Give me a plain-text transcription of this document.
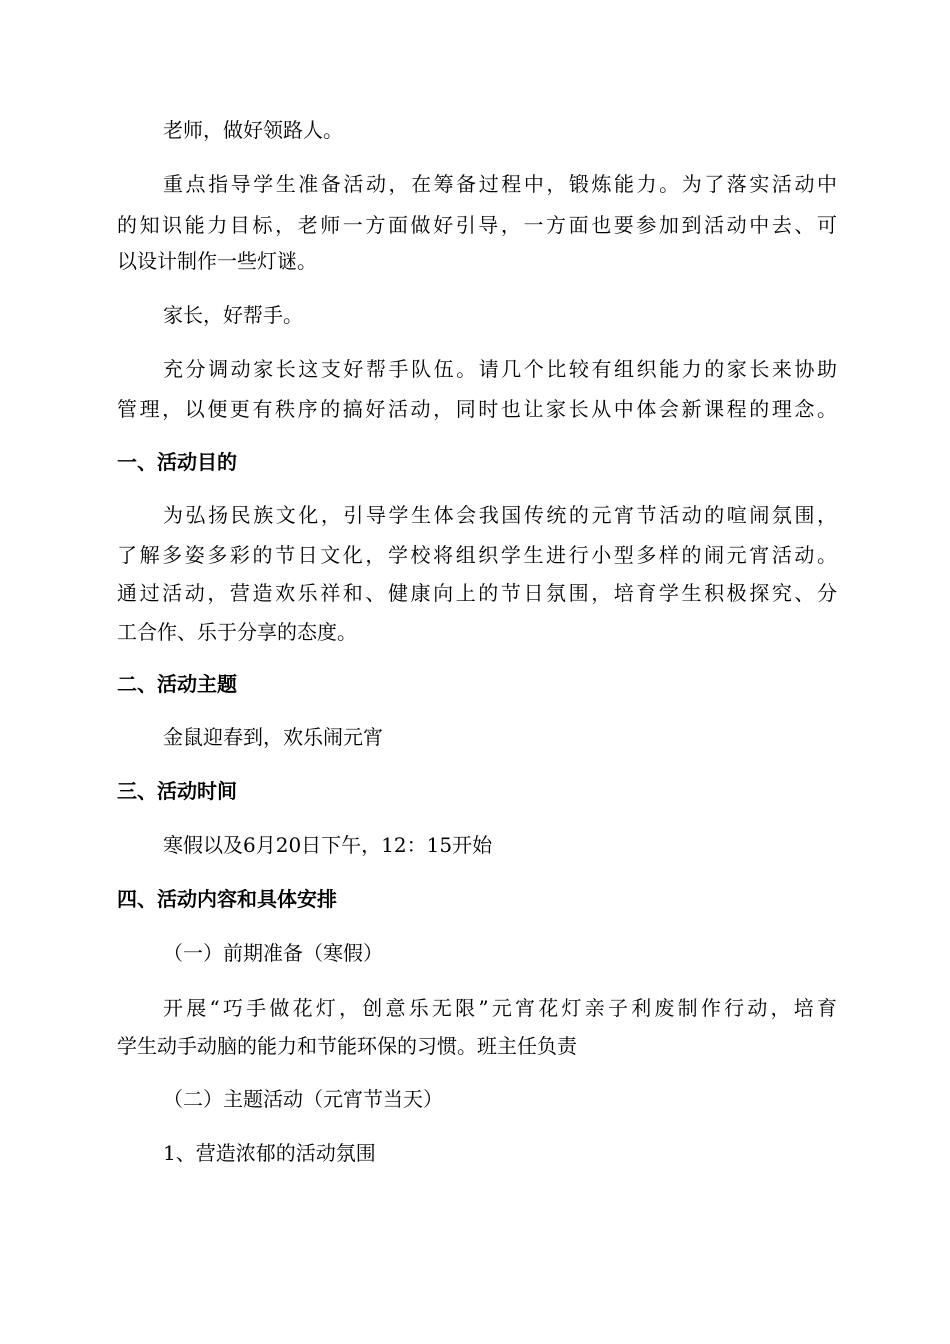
老师，做好领路人。
重点指导学生准备活动，在筹备过程中，锻炼能力。为了落实活动中
的知识能力目标，老师一方面做好引导，一方面也要参加到活动中去、可
以设计制作一些灯谜。
家长，好帮手。
充分调动家长这支好帮手队伍。请几个比较有组织能力的家长来协助
管理，以便更有秩序的搞好活动，同时也让家长从中体会新课程的理念。
一、活动目的
为弘扬民族文化，引导学生体会我国传统的元宵节活动的喧闹氛围，
了解多姿多彩的节日文化，学校将组织学生进行小型多样的闹元宵活动。
通过活动，营造欢乐祥和、健康向上的节日氛围，培育学生积极探究、分
工合作、乐于分享的态度。
二、活动主题
金鼠迎春到，欢乐闹元宵
三、活动时间
寒假以及6月20日下午，12：15开始
四、活动内容和具体安排
（一）前期准备（寒假）
开展“巧手做花灯，创意乐无限”元宵花灯亲子利废制作行动，培育
学生动手动脑的能力和节能环保的习惯。班主任负责
（二）主题活动（元宵节当天）
1、营造浓郁的活动氛围
